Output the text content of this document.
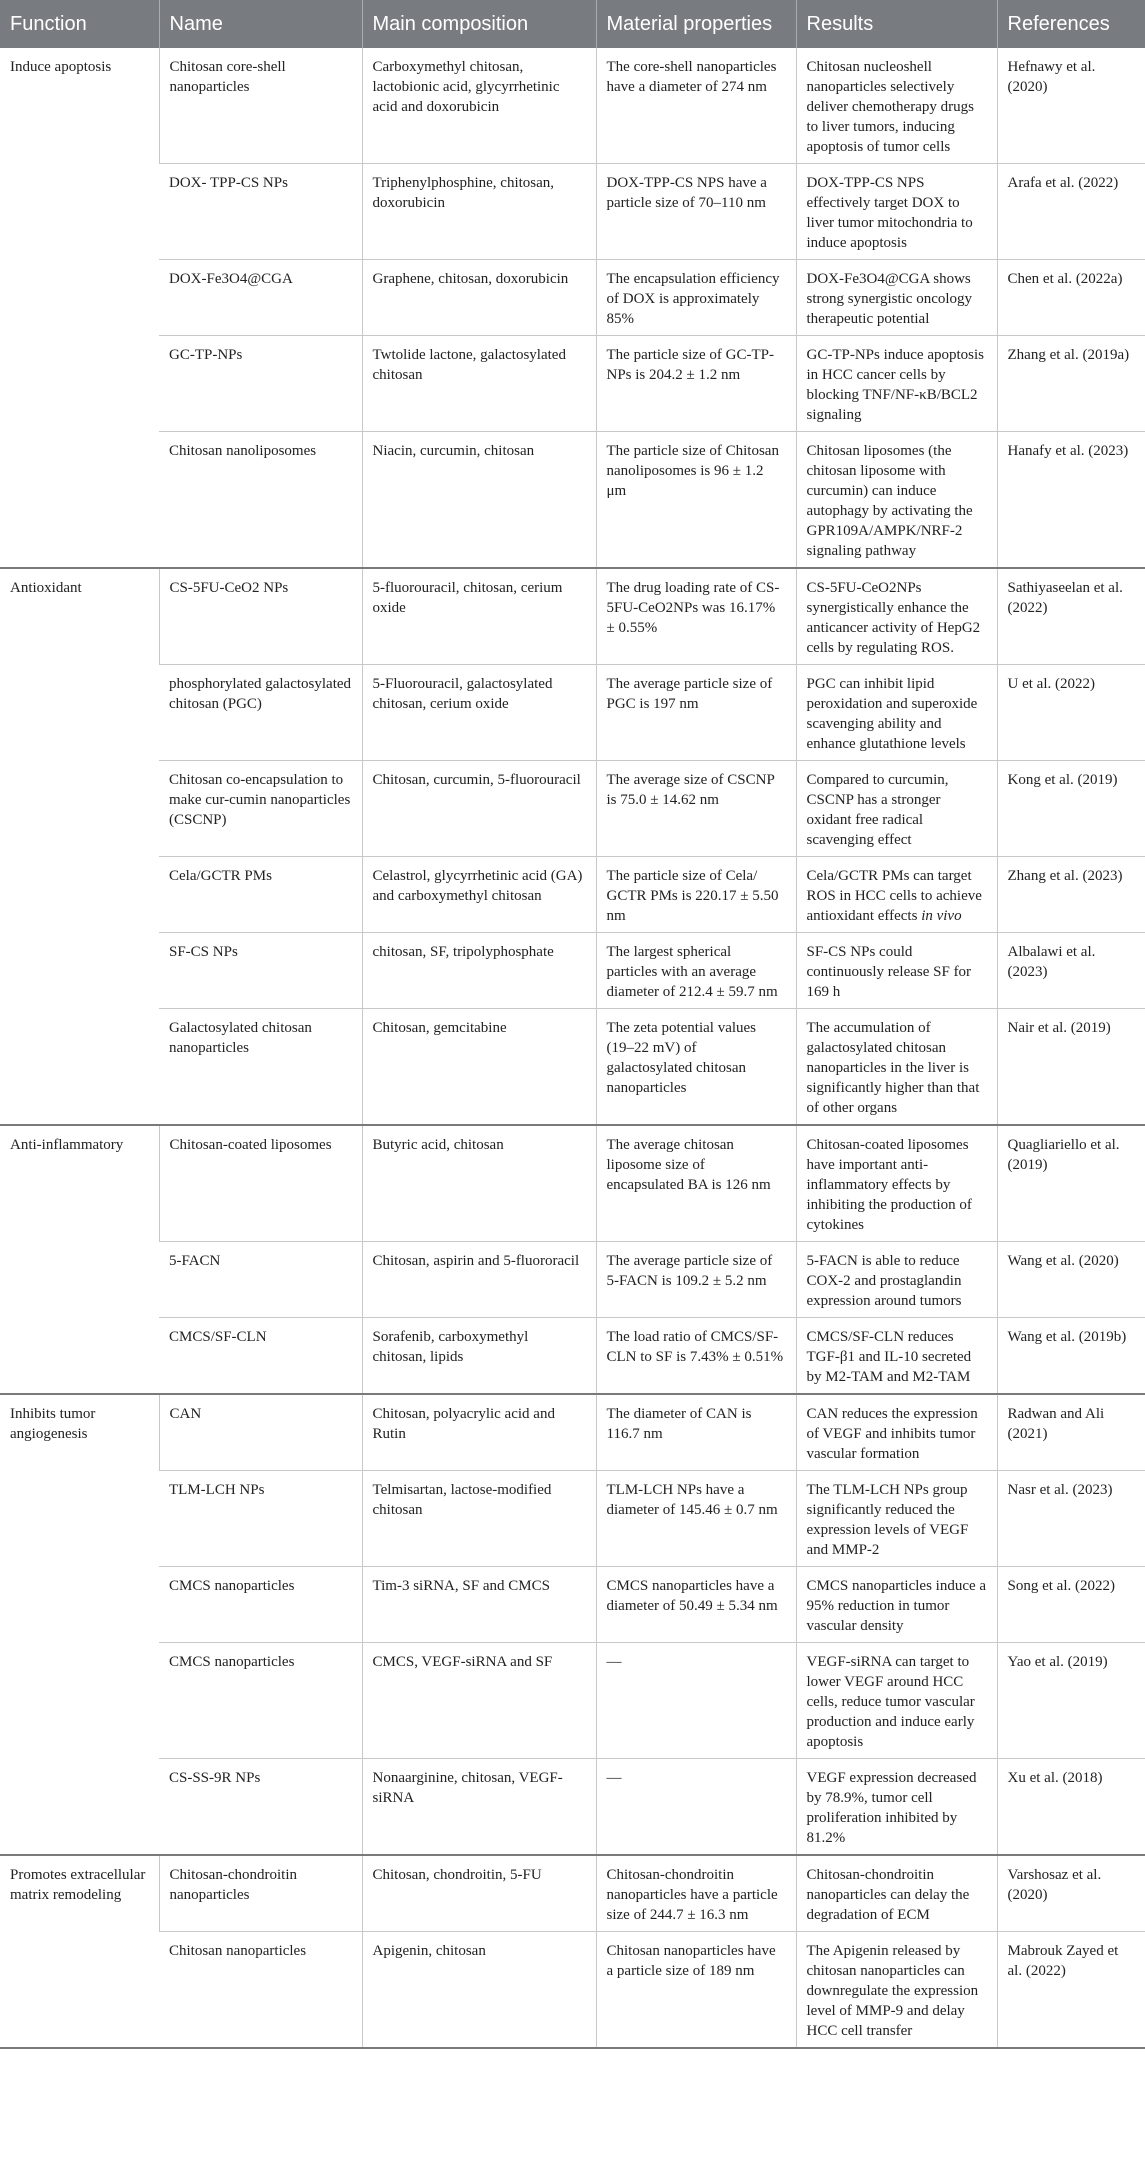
Function	Name	Main composition	Material properties	Results	References
Induce apoptosis	Chitosan core-shell nanoparticles	Carboxymethyl chitosan, lactobionic acid, glycyrrhetinic acid and doxorubicin	The core-shell nanoparticles have a diameter of 274 nm	Chitosan nucleoshell nanoparticles selectively deliver chemotherapy drugs to liver tumors, inducing apoptosis of tumor cells	Hefnawy et al. (2020)
	DOX- TPP-CS NPs	Triphenylphosphine, chitosan, doxorubicin	DOX-TPP-CS NPS have a particle size of 70–110 nm	DOX-TPP-CS NPS effectively target DOX to liver tumor mitochondria to induce apoptosis	Arafa et al. (2022)
	DOX-Fe3O4@CGA	Graphene, chitosan, doxorubicin	The encapsulation efficiency of DOX is approximately 85%	DOX-Fe3O4@CGA shows strong synergistic oncology therapeutic potential	Chen et al. (2022a)
	GC-TP-NPs	Twtolide lactone, galactosylated chitosan	The particle size of GC-TP-NPs is 204.2 ± 1.2 nm	GC-TP-NPs induce apoptosis in HCC cancer cells by blocking TNF/NF-κB/BCL2 signaling	Zhang et al. (2019a)
	Chitosan nanoliposomes	Niacin, curcumin, chitosan	The particle size of Chitosan nanoliposomes is 96 ± 1.2 μm	Chitosan liposomes (the chitosan liposome with curcumin) can induce autophagy by activating the GPR109A/AMPK/NRF-2 signaling pathway	Hanafy et al. (2023)
Antioxidant	CS-5FU-CeO2 NPs	5-fluorouracil, chitosan, cerium oxide	The drug loading rate of CS-5FU-CeO2NPs was 16.17% ± 0.55%	CS-5FU-CeO2NPs synergistically enhance the anticancer activity of HepG2 cells by regulating ROS.	Sathiyaseelan et al. (2022)
	phosphorylated galactosylated chitosan (PGC)	5-Fluorouracil, galactosylated chitosan, cerium oxide	The average particle size of PGC is 197 nm	PGC can inhibit lipid peroxidation and superoxide scavenging ability and enhance glutathione levels	U et al. (2022)
	Chitosan co-encapsulation to make cur-cumin nanoparticles (CSCNP)	Chitosan, curcumin, 5-fluorouracil	The average size of CSCNP is 75.0 ± 14.62 nm	Compared to curcumin, CSCNP has a stronger oxidant free radical scavenging effect	Kong et al. (2019)
	Cela/GCTR PMs	Celastrol, glycyrrhetinic acid (GA) and carboxymethyl chitosan	The particle size of Cela/ GCTR PMs is 220.17 ± 5.50 nm	Cela/GCTR PMs can target ROS in HCC cells to achieve antioxidant effects in vivo	Zhang et al. (2023)
	SF-CS NPs	chitosan, SF, tripolyphosphate	The largest spherical particles with an average diameter of 212.4 ± 59.7 nm	SF-CS NPs could continuously release SF for 169 h	Albalawi et al. (2023)
	Galactosylated chitosan nanoparticles	Chitosan, gemcitabine	The zeta potential values (19–22 mV) of galactosylated chitosan nanoparticles	The accumulation of galactosylated chitosan nanoparticles in the liver is significantly higher than that of other organs	Nair et al. (2019)
Anti-inflammatory	Chitosan-coated liposomes	Butyric acid, chitosan	The average chitosan liposome size of encapsulated BA is 126 nm	Chitosan-coated liposomes have important anti-inflammatory effects by inhibiting the production of cytokines	Quagliariello et al. (2019)
	5-FACN	Chitosan, aspirin and 5-fluororacil	The average particle size of 5-FACN is 109.2 ± 5.2 nm	5-FACN is able to reduce COX-2 and prostaglandin expression around tumors	Wang et al. (2020)
	CMCS/SF-CLN	Sorafenib, carboxymethyl chitosan, lipids	The load ratio of CMCS/SF-CLN to SF is 7.43% ± 0.51%	CMCS/SF-CLN reduces TGF-β1 and IL-10 secreted by M2-TAM and M2-TAM	Wang et al. (2019b)
Inhibits tumor angiogenesis	CAN	Chitosan, polyacrylic acid and Rutin	The diameter of CAN is 116.7 nm	CAN reduces the expression of VEGF and inhibits tumor vascular formation	Radwan and Ali (2021)
	TLM-LCH NPs	Telmisartan, lactose-modified chitosan	TLM-LCH NPs have a diameter of 145.46 ± 0.7 nm	The TLM-LCH NPs group significantly reduced the expression levels of VEGF and MMP-2	Nasr et al. (2023)
	CMCS nanoparticles	Tim-3 siRNA, SF and CMCS	CMCS nanoparticles have a diameter of 50.49 ± 5.34 nm	CMCS nanoparticles induce a 95% reduction in tumor vascular density	Song et al. (2022)
	CMCS nanoparticles	CMCS, VEGF-siRNA and SF	—	VEGF-siRNA can target to lower VEGF around HCC cells, reduce tumor vascular production and induce early apoptosis	Yao et al. (2019)
	CS-SS-9R NPs	Nonaarginine, chitosan, VEGF-siRNA	—	VEGF expression decreased by 78.9%, tumor cell proliferation inhibited by 81.2%	Xu et al. (2018)
Promotes extracellular matrix remodeling	Chitosan-chondroitin nanoparticles	Chitosan, chondroitin, 5-FU	Chitosan-chondroitin nanoparticles have a particle size of 244.7 ± 16.3 nm	Chitosan-chondroitin nanoparticles can delay the degradation of ECM	Varshosaz et al. (2020)
	Chitosan nanoparticles	Apigenin, chitosan	Chitosan nanoparticles have a particle size of 189 nm	The Apigenin released by chitosan nanoparticles can downregulate the expression level of MMP-9 and delay HCC cell transfer	Mabrouk Zayed et al. (2022)
